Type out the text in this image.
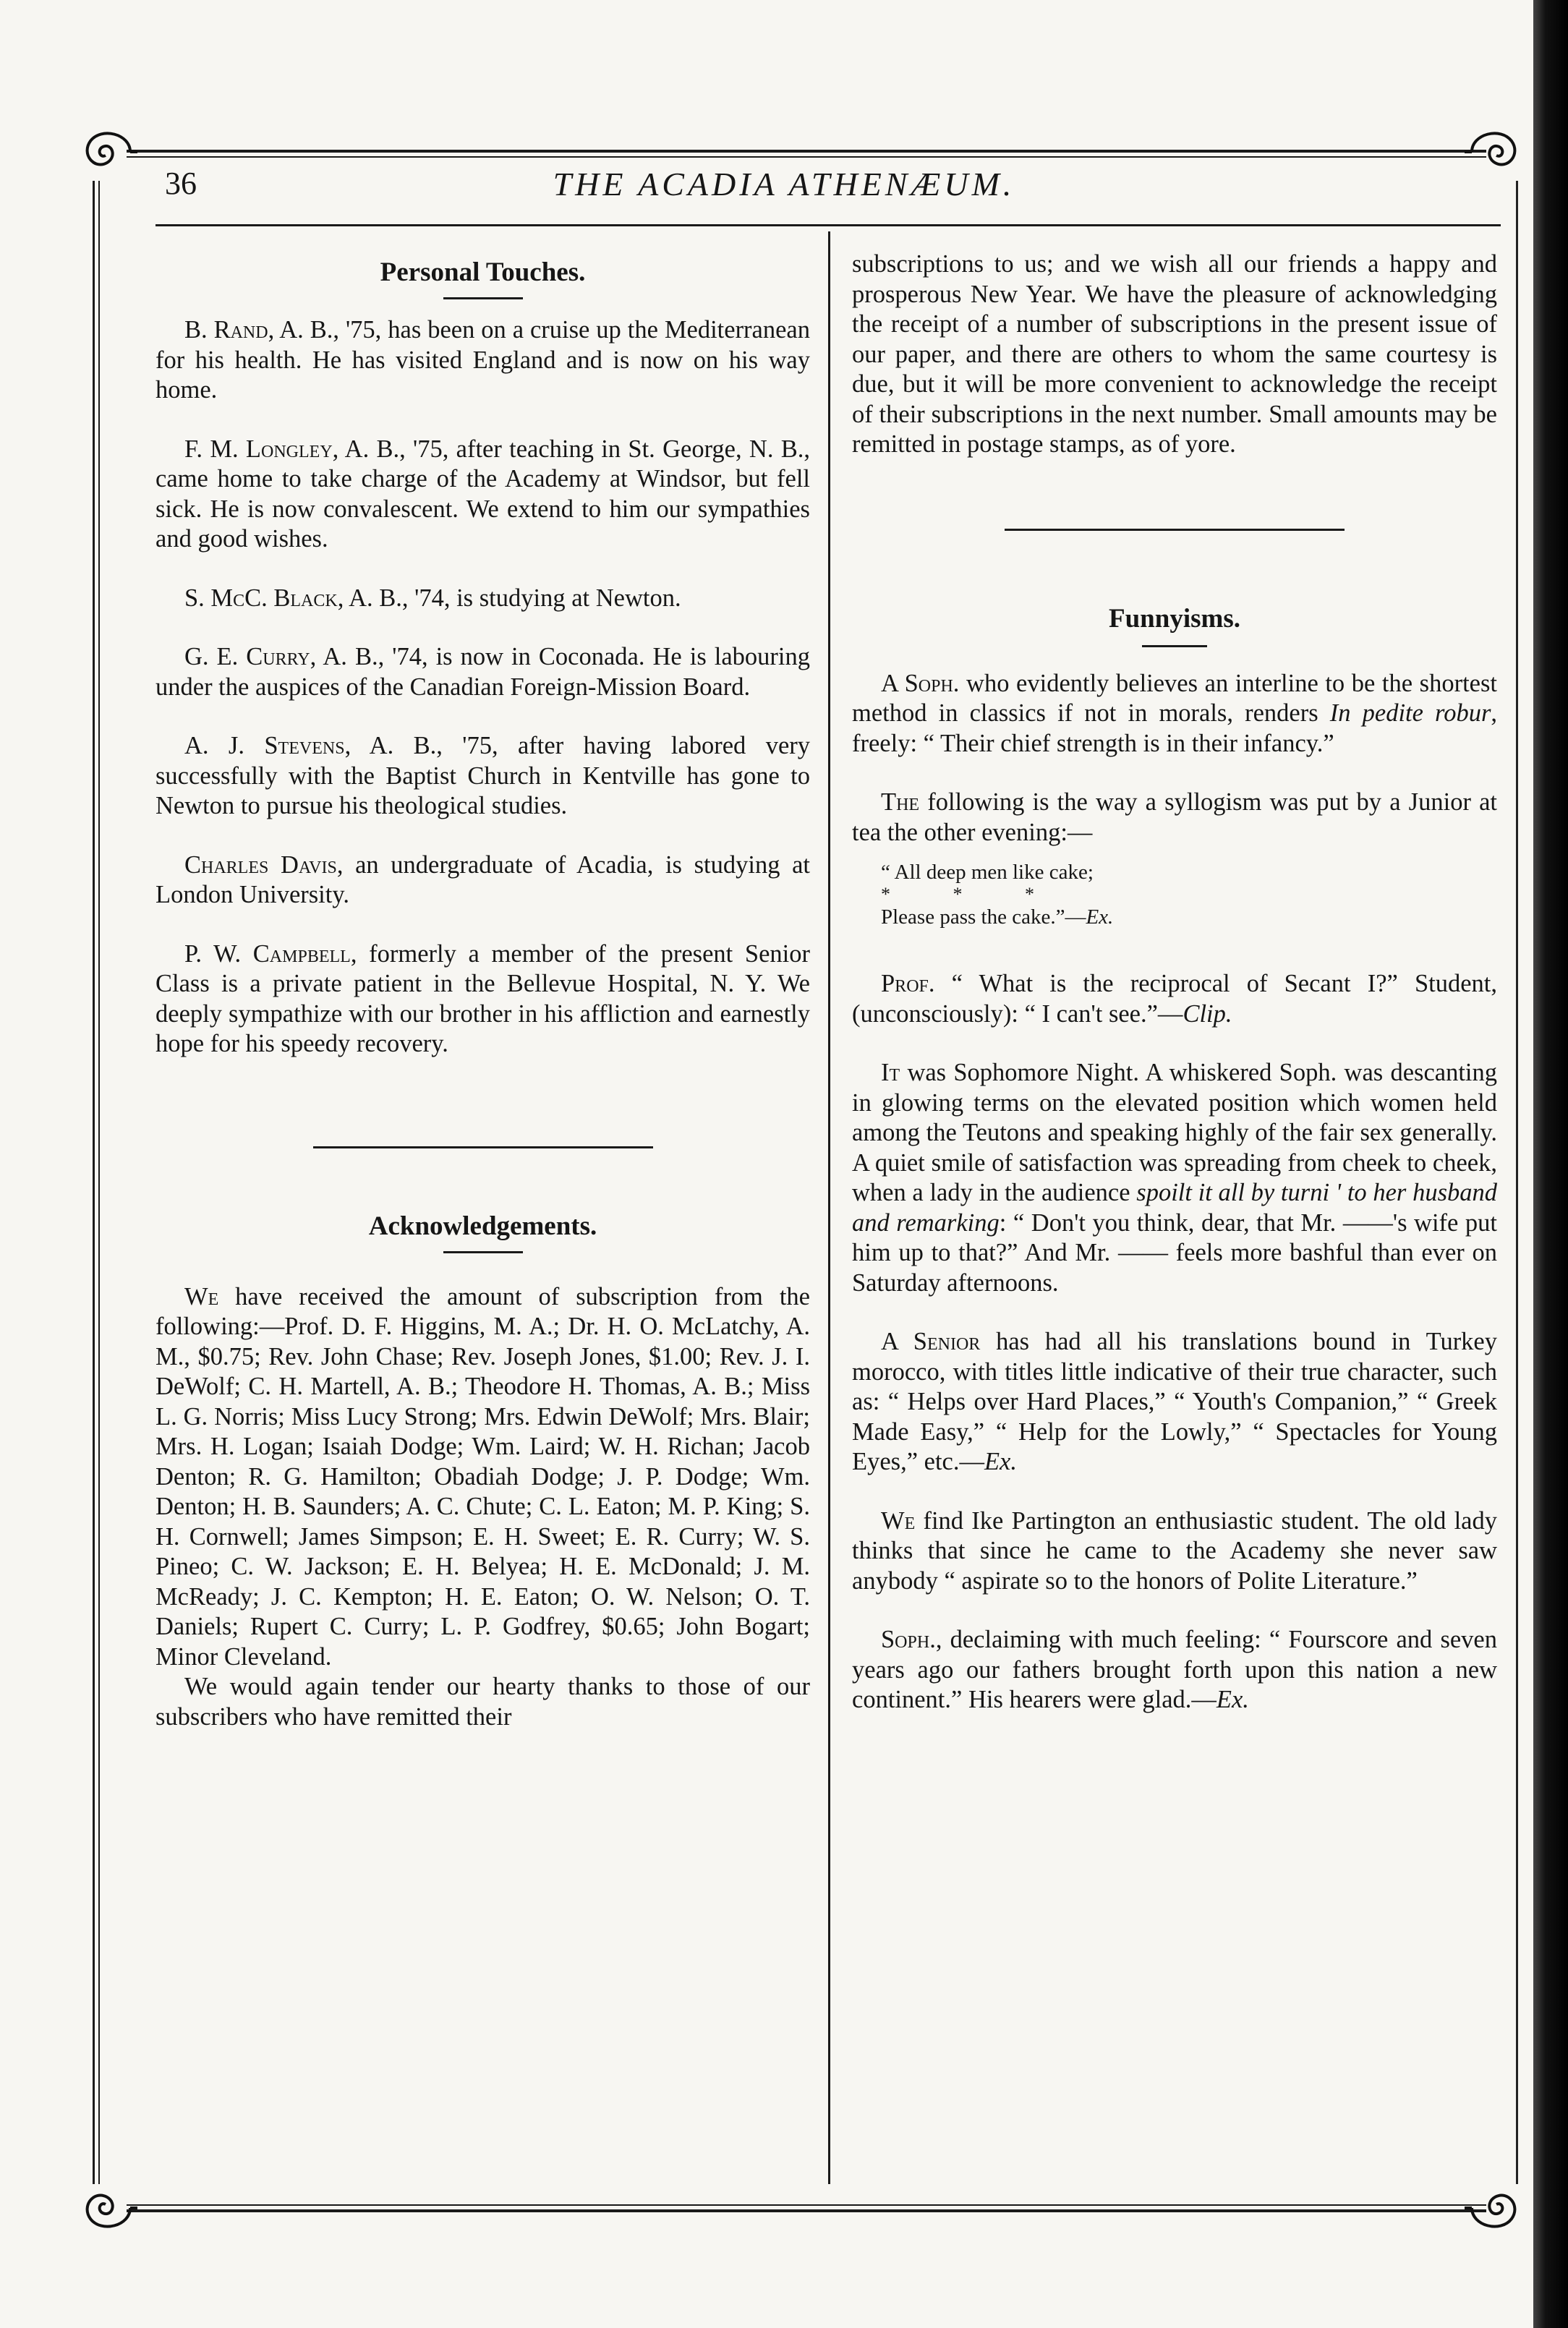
36	THE ACADIA ATHENÆUM.
Personal Touches.

B. Rand, A. B., '75, has been on a cruise up the Mediterranean for his health. He has visited England and is now on his way home.

F. M. Longley, A. B., '75, after teaching in St. George, N. B., came home to take charge of the Academy at Windsor, but fell sick. He is now convalescent. We extend to him our sympathies and good wishes.

S. McC. Black, A. B., '74, is studying at Newton.

G. E. Curry, A. B., '74, is now in Coconada. He is labouring under the auspices of the Canadian Foreign-Mission Board.

A. J. Stevens, A. B., '75, after having labored very successfully with the Baptist Church in Kentville has gone to Newton to pursue his theological studies.

Charles Davis, an undergraduate of Acadia, is studying at London University.

P. W. Campbell, formerly a member of the present Senior Class is a private patient in the Bellevue Hospital, N. Y. We deeply sympathize with our brother in his affliction and earnestly hope for his speedy recovery.

Acknowledgements.

We have received the amount of subscription from the following:—Prof. D. F. Higgins, M. A.; Dr. H. O. McLatchy, A. M., $0.75; Rev. John Chase; Rev. Joseph Jones, $1.00; Rev. J. I. DeWolf; C. H. Martell, A. B.; Theodore H. Thomas, A. B.; Miss L. G. Norris; Miss Lucy Strong; Mrs. Edwin DeWolf; Mrs. Blair; Mrs. H. Logan; Isaiah Dodge; Wm. Laird; W. H. Richan; Jacob Denton; R. G. Hamilton; Obadiah Dodge; J. P. Dodge; Wm. Denton; H. B. Saunders; A. C. Chute; C. L. Eaton; M. P. King; S. H. Cornwell; James Simpson; E. H. Sweet; E. R. Curry; W. S. Pineo; C. W. Jackson; E. H. Belyea; H. E. McDonald; J. M. McReady; J. C. Kempton; H. E. Eaton; O. W. Nelson; O. T. Daniels; Rupert C. Curry; L. P. Godfrey, $0.65; John Bogart; Minor Cleveland.

We would again tender our hearty thanks to those of our subscribers who have remitted their

subscriptions to us; and we wish all our friends a happy and prosperous New Year. We have the pleasure of acknowledging the receipt of a number of subscriptions in the present issue of our paper, and there are others to whom the same courtesy is due, but it will be more convenient to acknowledge the receipt of their subscriptions in the next number. Small amounts may be remitted in postage stamps, as of yore.

Funnyisms.

A Soph. who evidently believes an interline to be the shortest method in classics if not in morals, renders In pedite robur, freely: “ Their chief strength is in their infancy.”

The following is the way a syllogism was put by a Junior at tea the other evening:—

“ All deep men like cake;

* * *

Please pass the cake.”—Ex.

Prof. “ What is the reciprocal of Secant I?” Student, (unconsciously): “ I can't see.”—Clip.

It was Sophomore Night. A whiskered Soph. was descanting in glowing terms on the elevated position which women held among the Teutons and speaking highly of the fair sex generally. A quiet smile of satisfaction was spreading from cheek to cheek, when a lady in the audience spoilt it all by turni ' to her husband and remarking: “ Don't you think, dear, that Mr. ——'s wife put him up to that?” And Mr. —— feels more bashful than ever on Saturday afternoons.

A Senior has had all his translations bound in Turkey morocco, with titles little indicative of their true character, such as: “ Helps over Hard Places,” “ Youth's Companion,” “ Greek Made Easy,” “ Help for the Lowly,” “ Spectacles for Young Eyes,” etc.—Ex.

We find Ike Partington an enthusiastic student. The old lady thinks that since he came to the Academy she never saw anybody “ aspirate so to the honors of Polite Literature.”

Soph., declaiming with much feeling: “ Fourscore and seven years ago our fathers brought forth upon this nation a new continent.” His hearers were glad.—Ex.
